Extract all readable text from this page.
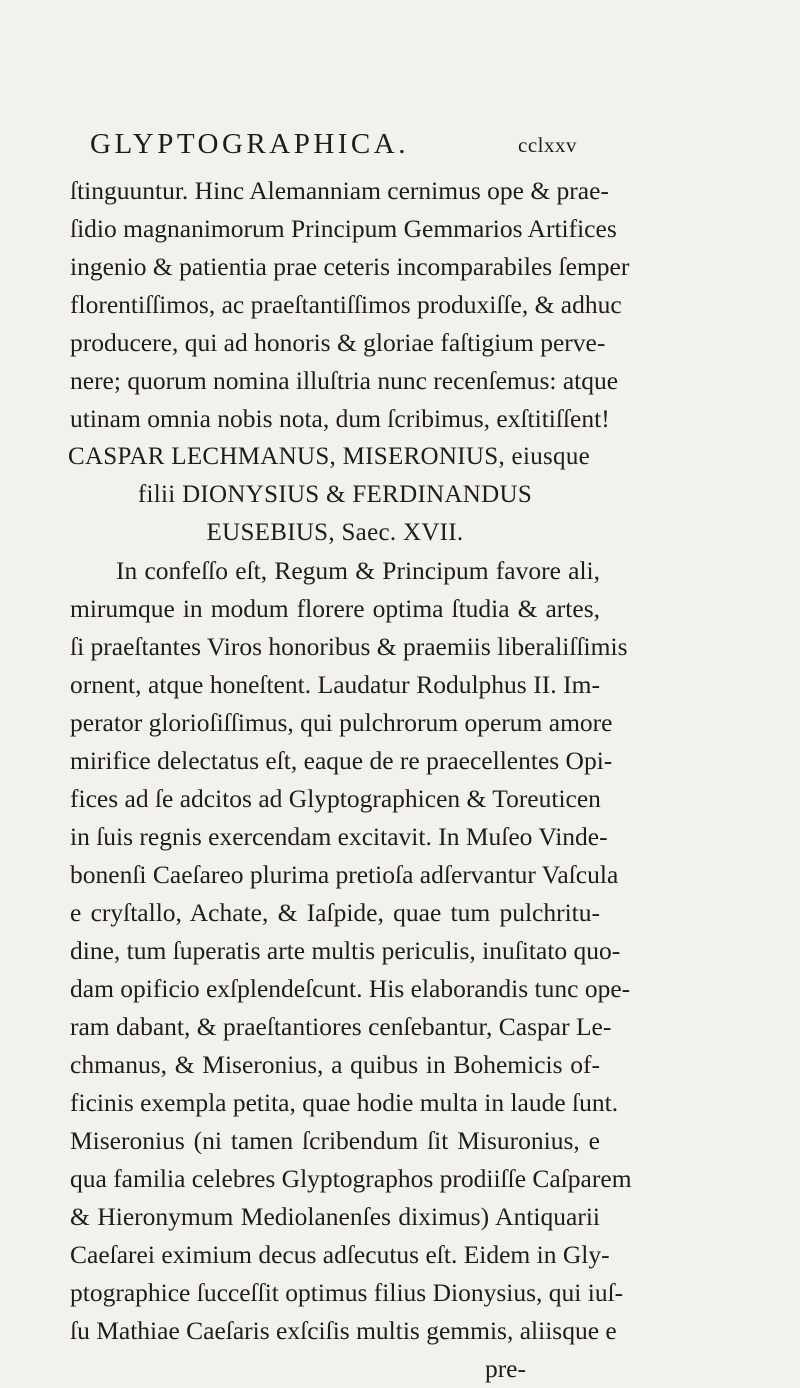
GLYPTOGRAPHICA.	cclxxv
ſtinguuntur. Hinc Alemanniam cernimus ope & prae-
ſidio magnanimorum Principum Gemmarios Artifices
ingenio & patientia prae ceteris incomparabiles ſemper
florentiſſimos, ac praeſtantiſſimos produxiſſe, & adhuc
producere, qui ad honoris & gloriae faſtigium perve-
nere; quorum nomina illuſtria nunc recenſemus: atque
utinam omnia nobis nota, dum ſcribimus, exſtitiſſent!
CASPAR LECHMANUS, MISERONIUS, eiusque
filii DIONYSIUS & FERDINANDUS
EUSEBIUS, Saec. XVII.
In confeſſo eſt, Regum & Principum favore ali,
mirumque in modum florere optima ſtudia & artes,
ſi praeſtantes Viros honoribus & praemiis liberaliſſimis
ornent, atque honeſtent. Laudatur Rodulphus II. Im-
perator glorioſiſſimus, qui pulchrorum operum amore
mirifice delectatus eſt, eaque de re praecellentes Opi-
fices ad ſe adcitos ad Glyptographicen & Toreuticen
in ſuis regnis exercendam excitavit. In Muſeo Vinde-
bonenſi Caeſareo plurima pretioſa adſervantur Vaſcula
e cryſtallo, Achate, & Iaſpide, quae tum pulchritu-
dine, tum ſuperatis arte multis periculis, inuſitato quo-
dam opificio exſplendeſcunt. His elaborandis tunc ope-
ram dabant, & praeſtantiores cenſebantur, Caspar Le-
chmanus, & Miseronius, a quibus in Bohemicis of-
ficinis exempla petita, quae hodie multa in laude ſunt.
Miseronius (ni tamen ſcribendum ſit Misuronius, e
qua familia celebres Glyptographos prodiiſſe Caſparem
& Hieronymum Mediolanenſes diximus) Antiquarii
Caeſarei eximium decus adſecutus eſt. Eidem in Gly-
ptographice ſucceſſit optimus filius Dionysius, qui iuſ-
ſu Mathiae Caeſaris exſciſis multis gemmis, aliisque e
pre-
